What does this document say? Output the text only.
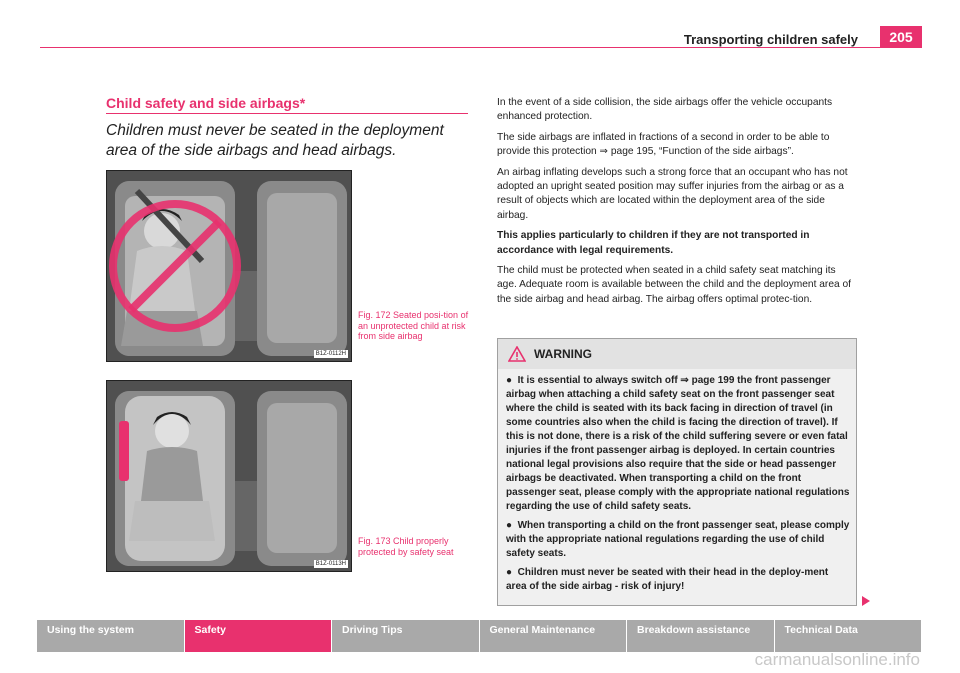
Transporting children safely	205
Child safety and side airbags*
Children must never be seated in the deployment area of the side airbags and head airbags.
B1Z-0112H
Fig. 172 Seated posi-tion of an unprotected child at risk from side airbag
B1Z-0113H
Fig. 173 Child properly protected by safety seat

In the event of a side collision, the side airbags offer the vehicle occupants enhanced protection.

The side airbags are inflated in fractions of a second in order to be able to provide this protection ⇒ page 195, “Function of the side airbags”.

An airbag inflating develops such a strong force that an occupant who has not adopted an upright seated position may suffer injuries from the airbag or as a result of objects which are located within the deployment area of the side airbag.

This applies particularly to children if they are not transported in accordance with legal requirements.

The child must be protected when seated in a child safety seat matching its age. Adequate room is available between the child and the deployment area of the side airbag and head airbag. The airbag offers optimal protec-tion.

WARNING

● It is essential to always switch off ⇒ page 199 the front passenger airbag when attaching a child safety seat on the front passenger seat where the child is seated with its back facing in direction of travel (in some countries also when the child is facing the direction of travel). If this is not done, there is a risk of the child suffering severe or even fatal injuries if the front passenger airbag is deployed. In certain countries national legal provisions also require that the side or head passenger airbags be deactivated. When transporting a child on the front passenger seat, please comply with the appropriate national regulations regarding the use of child safety seats.

● When transporting a child on the front passenger seat, please comply with the appropriate national regulations regarding the use of child safety seats.

● Children must never be seated with their head in the deploy-ment area of the side airbag - risk of injury!

Using the system	Safety	Driving Tips	General Maintenance	Breakdown assistance	Technical Data
carmanualsonline.info
